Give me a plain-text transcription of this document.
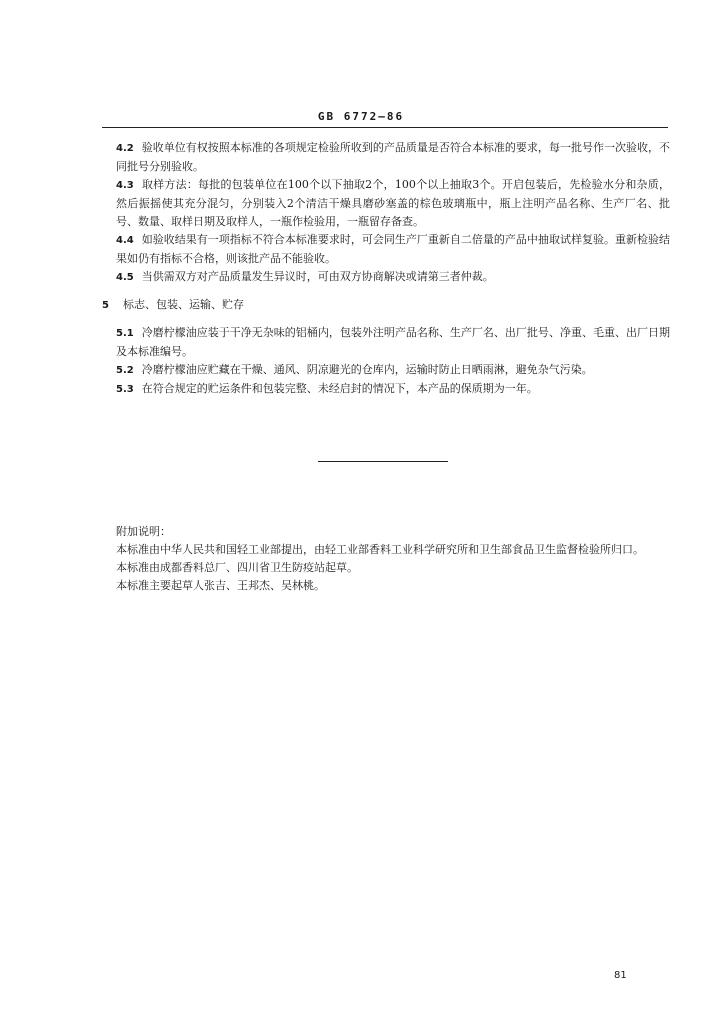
GB 6772—86

4.2 验收单位有权按照本标准的各项规定检验所收到的产品质量是否符合本标准的要求，每一批号作一次验收，不同批号分别验收。

4.3 取样方法：每批的包装单位在100个以下抽取2个，100个以上抽取3个。开启包装后，先检验水分和杂质，然后振摇使其充分混匀，分别装入2个清洁干燥具磨砂塞盖的棕色玻璃瓶中，瓶上注明产品名称、生产厂名、批号、数量、取样日期及取样人，一瓶作检验用，一瓶留存备查。

4.4 如验收结果有一项指标不符合本标准要求时，可会同生产厂重新自二倍量的产品中抽取试样复验。重新检验结果如仍有指标不合格，则该批产品不能验收。

4.5 当供需双方对产品质量发生异议时，可由双方协商解决或请第三者仲裁。

5 标志、包装、运输、贮存

5.1 冷磨柠檬油应装于干净无杂味的铝桶内，包装外注明产品名称、生产厂名、出厂批号、净重、毛重、出厂日期及本标准编号。

5.2 冷磨柠檬油应贮藏在干燥、通风、阴凉避光的仓库内，运输时防止日晒雨淋，避免杂气污染。

5.3 在符合规定的贮运条件和包装完整、未经启封的情况下，本产品的保质期为一年。

附加说明：

本标准由中华人民共和国轻工业部提出，由轻工业部香料工业科学研究所和卫生部食品卫生监督检验所归口。

本标准由成都香料总厂、四川省卫生防疫站起草。

本标准主要起草人张吉、王邦杰、吴林桃。

81
